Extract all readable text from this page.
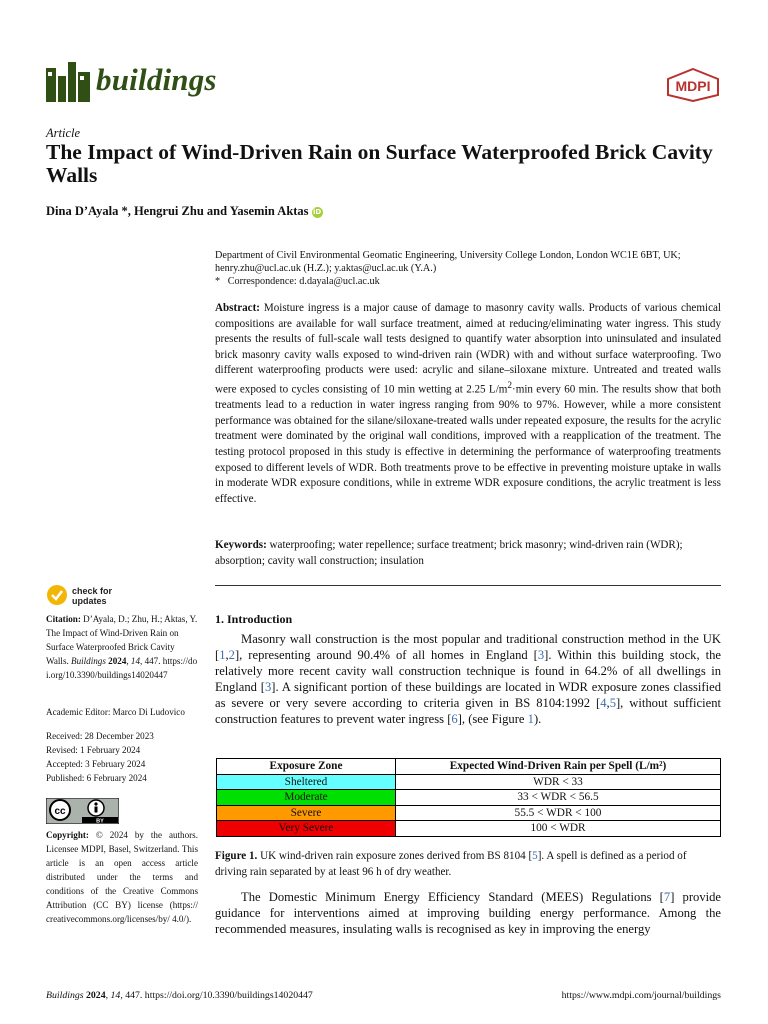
buildings	MDPI
Article
The Impact of Wind-Driven Rain on Surface Waterproofed Brick Cavity Walls
Dina D’Ayala *, Hengrui Zhu and Yasemin Aktas iD
Department of Civil Environmental Geomatic Engineering, University College London, London WC1E 6BT, UK;
henry.zhu@ucl.ac.uk (H.Z.); y.aktas@ucl.ac.uk (Y.A.)
* Correspondence: d.dayala@ucl.ac.uk
Abstract: Moisture ingress is a major cause of damage to masonry cavity walls. Products of various chemical compositions are available for wall surface treatment, aimed at reducing/eliminating water ingress. This study presents the results of full-scale wall tests designed to quantify water absorption into uninsulated and insulated brick masonry cavity walls exposed to wind-driven rain (WDR) with and without surface waterproofing. Two different waterproofing products were used: acrylic and silane–siloxane mixture. Untreated and treated walls were exposed to cycles consisting of 10 min wetting at 2.25 $L/m^2\cdot\min$ every 60 min. The results show that both treatments lead to a reduction in water ingress ranging from 90% to 97%. However, while a more consistent performance was obtained for the silane/siloxane-treated walls under repeated exposure, the results for the acrylic treatment were dominated by the original wall conditions, improved with a reapplication of the treatment. The testing protocol proposed in this study is effective in determining the performance of waterproofing treatments exposed to different levels of WDR. Both treatments prove to be effective in preventing moisture uptake in walls in moderate WDR exposure conditions, while in extreme WDR exposure conditions, the acrylic treatment is less effective.
Keywords: waterproofing; water repellence; surface treatment; brick masonry; wind-driven rain (WDR); absorption; cavity wall construction; insulation
check for
updates
Citation: D’Ayala, D.; Zhu, H.; Aktas, Y. The Impact of Wind-Driven Rain on Surface Waterproofed Brick Cavity Walls. Buildings 2024, 14, 447. https://doi.org/10.3390/buildings14020447
Academic Editor: Marco Di Ludovico
Received: 28 December 2023
Revised: 1 February 2024
Accepted: 3 February 2024
Published: 6 February 2024
cc
BY
Copyright: © 2024 by the authors. Licensee MDPI, Basel, Switzerland. This article is an open access article distributed under the terms and conditions of the Creative Commons Attribution (CC BY) license (https:// creativecommons.org/licenses/by/ 4.0/).
1. Introduction
Masonry wall construction is the most popular and traditional construction method in the UK [1,2], representing around 90.4% of all homes in England [3]. Within this building stock, the relatively more recent cavity wall construction technique is found in 64.2% of all dwellings in England [3]. A significant portion of these buildings are located in WDR exposure zones classified as severe or very severe according to criteria given in BS 8104:1992 [4,5], without sufficient construction features to prevent water ingress [6], (see Figure 1).
Exposure Zone	Expected Wind-Driven Rain per Spell (L/m²)
Sheltered	WDR < 33
Moderate	33 < WDR < 56.5
Severe	55.5 < WDR < 100
Very Severe	100 < WDR
Figure 1. UK wind-driven rain exposure zones derived from BS 8104 [5]. A spell is defined as a period of driving rain separated by at least 96 h of dry weather.
The Domestic Minimum Energy Efficiency Standard (MEES) Regulations [7] provide guidance for interventions aimed at improving building energy performance. Among the recommended measures, insulating walls is recognised as key in improving the energy
Buildings 2024, 14, 447. https://doi.org/10.3390/buildings14020447	https://www.mdpi.com/journal/buildings
